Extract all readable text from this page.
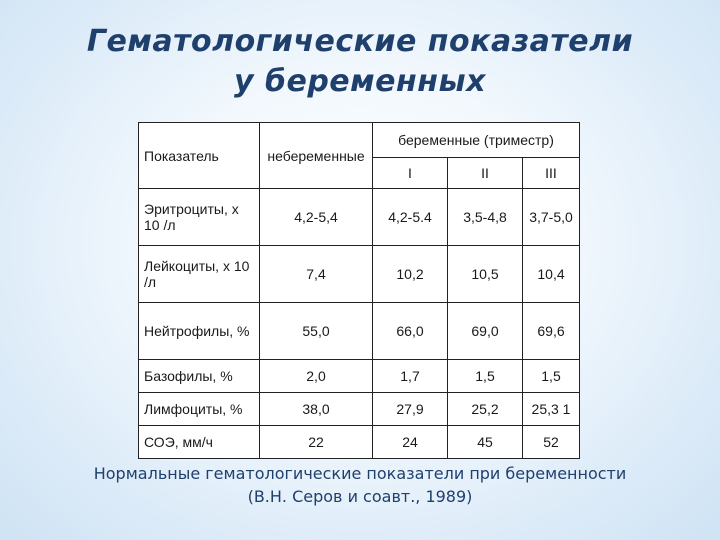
Гематологические показатели
у беременных
Показатель	небеременные	беременные (триместр)		
		I	II	III
Эритроциты, х 10 /л	4,2-5,4	4,2-5.4	3,5-4,8	3,7-5,0
Лейкоциты, х 10 /л	7,4	10,2	10,5	10,4
Нейтрофилы, %	55,0	66,0	69,0	69,6
Базофилы, %	2,0	1,7	1,5	1,5
Лимфоциты, %	38,0	27,9	25,2	25,3 1
СОЭ, мм/ч	22	24	45	52
Нормальные гематологические показатели при беременности
(В.Н. Серов и соавт., 1989)
